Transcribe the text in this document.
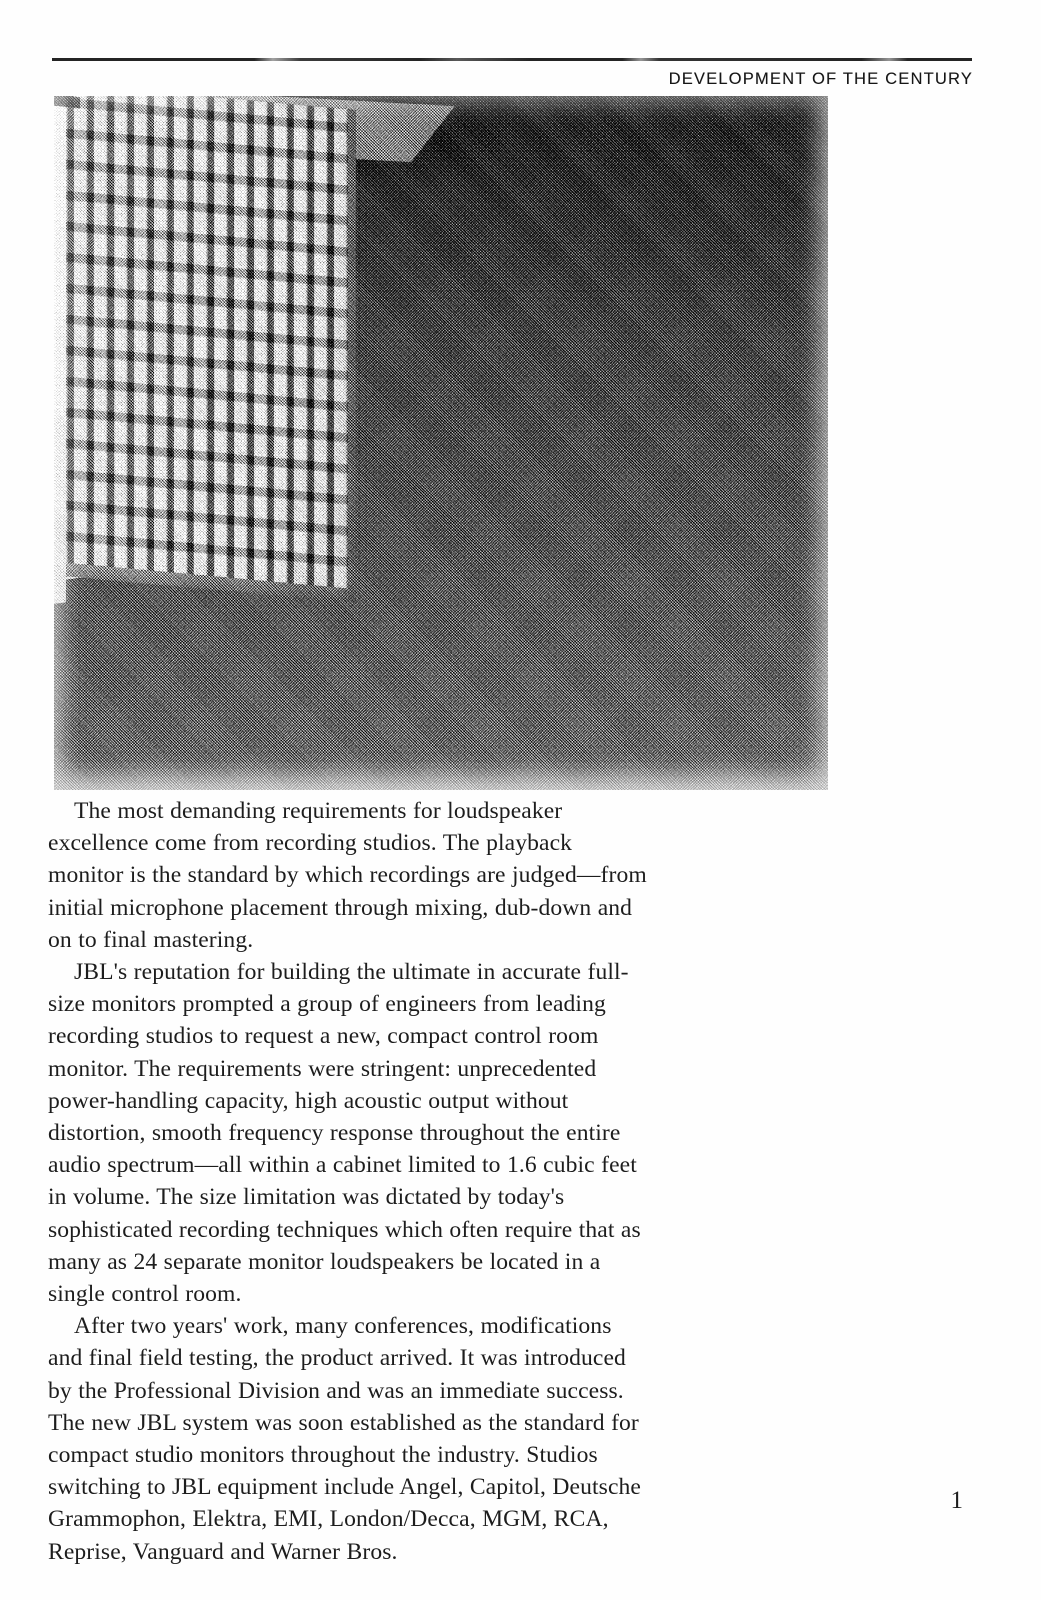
DEVELOPMENT OF THE CENTURY

The most demanding requirements for loudspeaker excellence come from recording studios. The playback monitor is the standard by which recordings are judged—from initial microphone placement through mixing, dub-down and on to final mastering.

JBL's reputation for building the ultimate in accurate full-size monitors prompted a group of engineers from leading recording studios to request a new, compact control room monitor. The requirements were stringent: unprecedented power-handling capacity, high acoustic output without distortion, smooth frequency response throughout the entire audio spectrum—all within a cabinet limited to 1.6 cubic feet in volume. The size limitation was dictated by today's sophisticated recording techniques which often require that as many as 24 separate monitor loudspeakers be located in a single control room.

After two years' work, many conferences, modifications and final field testing, the product arrived. It was introduced by the Professional Division and was an immediate success. The new JBL system was soon established as the standard for compact studio monitors throughout the industry. Studios switching to JBL equipment include Angel, Capitol, Deutsche Grammophon, Elektra, EMI, London/Decca, MGM, RCA, Reprise, Vanguard and Warner Bros.

1
